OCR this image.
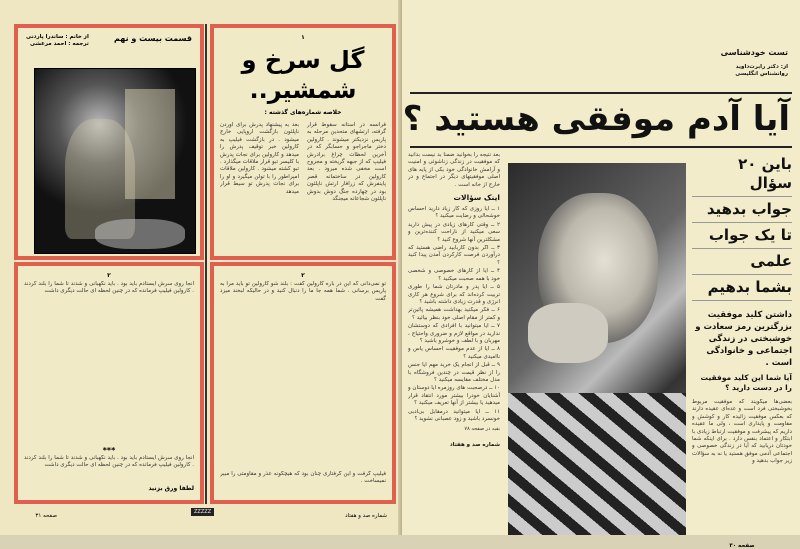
قسمت بیست و نهم
از خانم : ساندرا پاردنی
ترجمه : احمد مرعشی
۱
گل سرخ و شمشیر..
خلاصه شماره‌های گذشته :
فرانسه در آستانه سقوط قرار گرفته، ارتشهای متحدین مرحله به پاریس نزدیکتر میشوند . کارولین دختر ماجراجو و حسابگر که در آخرین لحظات چراغ برادرش فیلیپ که از جبهه گریخته و مجروح است مخفی شده میرود . بعد کارولین در ساختمانه قصر پاینفرش که زرافار ارتش ناپلئون بود در چهارده جنگ دوش بدوش ناپلئون شجاعانه میجنگد
بعد به پیشنهاد پدرش برای آوردن ناپلئون بازگشت اروپایی خارج میشود . در بازگشت فیلیپ به کارولین خبر توقیف پدرش را میدهد و کارولین برای نجات پدرش با کلیسر تبو قرار ملاقات میگذارد . تبو کشته میشود . کارولین ملاقات امپراطور را با تولن میگیرد و او را برای نجات پدرش تو سیط قرار میدهد
۲
آنجا روی سرش ایستادم باید بود . باید نگهبانی و شدند تا شما را بلند کردند . کارولین فیلیپ فرمانده که در چنین لحظه ای حالت دیگری داشت
***
آنجا روی سرش ایستادم باید بود . باید نگهبانی و شدند تا شما را بلند کردند . کارولین فیلیپ فرمانده که در چنین لحظه ای حالت دیگری داشت
لطفا ورق بزنید
۲
تو نمی‌دانی که این در باره کارولین گفت : بلند شو کارولین تو باید مرا به پاریس برسانی . شما همه جا ما را دنبال کنید و در حالیکه لبخند میزد گفت
فیلیپ گرفت و این گرفتاری چنان بود که هیچگونه عذر و مقاومتی را مبیر نمیساخت .
صفحه ۳۱
ZZZZZ
شماره صد و هفتاد
تست خودشناسی
از: دکتر رابرت‌داوید
روانشناس انگلیسی
آیا آدم موفقی هستید ؟
بعد نتیجه را بخوانید ضمنا بد نیست بدانید که موفقیت در زندگی زناشوئی و امنیت و آرامش خانوادگی خود یکی از پایه های اصلی موفقیتهای دیگر در اجتماع و در خارج از خانه است .
اینک سؤالات
۱ ــ آیا روزی که کار زیاد دارید احساس خوشحالی و رضایت میکنید ؟
۲ ــ وقتی کارهای زیادی در پیش دارید سعی میکنید از ناراحت کننده‌ترین و مشکلترین آنها شروع کنید ؟
۳ ــ اگر بدون کاربابید راضی هستید که درآوردن فرصت کارکردن آمدن پیدا کنید ؟
۴ ــ آیا از کارهای خصوصی و شخصی خود با همه صحبت میکنید ؟
۵ ــ آیا پدر و مادرتان شما را طوری تربیت کرده‌اند که برای شروع هر کاری انرژی و قدرت زیادی داشته باشید ؟
۶ ــ فکر میکنید بهداشت همیشه پائین‌تر و کمتر از مقام اصلی خود بنظر بیائید ؟
۷ ــ آیا میتوانید با افرادی که دوستشان ندارید در مواقع لازم و ضروری واحتیاج ، مهربان و با لطف و خوشرو باشید ؟
۸ ــ آیا از عدم موفقیت احساس یاس و ناامیدی میکنید ؟
۹ ــ قبل از انجام یک خرید مهم آیا جنس را از نظر قیمت در چندین فروشگاه با مدل مختلف مقایسه میکنید ؟
۱۰ ــ درصحبت های روزمره آیا دوستان و آشنایان خودرا بیشتر مورد انتقاد قرار میدهید یا بیشتر از آنها تعریف میکنید ؟
۱۱ ــ آیا میتوانید درمقابل بی‌ادبی خونسرد باشید و زود عصبانی نشوید ؟
بقیه در صفحه ۷۸
شماره صد و هفتاد
باین ۲۰ سؤال
جواب بدهید
تا یک جواب
علمی
بشما بدهیم
داشتن کلید موفقیت بزرگترین رمز سعادت و خوشبختی در زندگی اجتماعی و خانوادگی است .
آیا شما این کلید موفقیت را در دست دارید ؟
بعضی‌ها میگویند که موفقیت مربوط بخوشبختی فرد است و عده‌ای عقیده دارند که بعکس موفقیت زائیده کار و کوشش و مقاومت و پایداری است ، ولی ما عقیده داریم که پیشرفت و موفقیت ارتباط زیادی با ابتکار و اعتماد بنفس دارد . برای اینکه شما خودتان دریابید که آیا در زندگی خصوصی و اجتماعی آدمی موفق هستید یا نه به سؤالات زیر جواب بدهید و
صفحه ۳۰
